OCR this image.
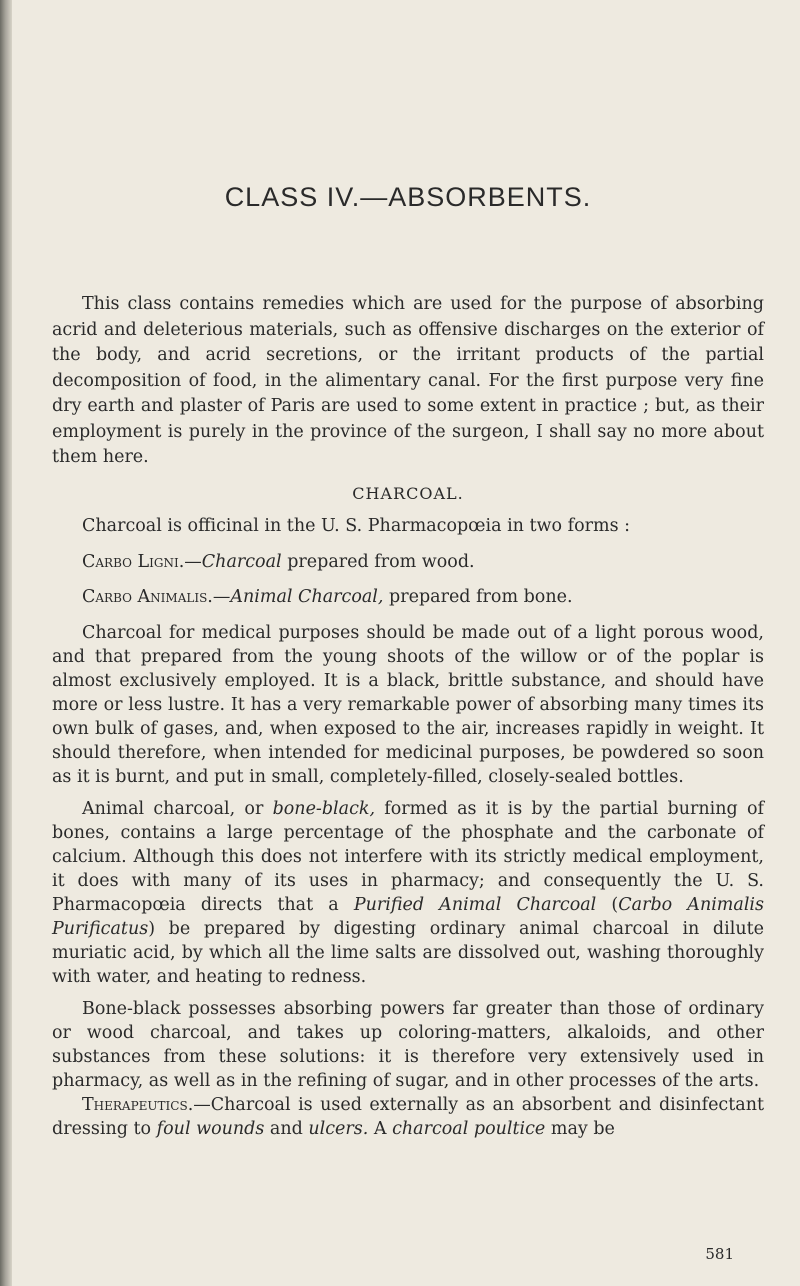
CLASS IV.—ABSORBENTS.

This class contains remedies which are used for the purpose of absorbing acrid and deleterious materials, such as offensive discharges on the exterior of the body, and acrid secretions, or the irritant products of the partial decomposition of food, in the alimentary canal. For the first purpose very fine dry earth and plaster of Paris are used to some extent in practice ; but, as their employment is purely in the province of the surgeon, I shall say no more about them here.

CHARCOAL.

Charcoal is officinal in the U. S. Pharmacopœia in two forms :

Carbo Ligni.—Charcoal prepared from wood.

Carbo Animalis.—Animal Charcoal, prepared from bone.

Charcoal for medical purposes should be made out of a light porous wood, and that prepared from the young shoots of the willow or of the poplar is almost exclusively employed. It is a black, brittle substance, and should have more or less lustre. It has a very remarkable power of absorbing many times its own bulk of gases, and, when exposed to the air, increases rapidly in weight. It should therefore, when intended for medicinal purposes, be powdered so soon as it is burnt, and put in small, completely-filled, closely-sealed bottles.

Animal charcoal, or bone-black, formed as it is by the partial burning of bones, contains a large percentage of the phosphate and the carbonate of calcium. Although this does not interfere with its strictly medical employment, it does with many of its uses in pharmacy; and consequently the U. S. Pharmacopœia directs that a Purified Animal Charcoal (Carbo Animalis Purificatus) be prepared by digesting ordinary animal charcoal in dilute muriatic acid, by which all the lime salts are dissolved out, washing thoroughly with water, and heating to redness.

Bone-black possesses absorbing powers far greater than those of ordinary or wood charcoal, and takes up coloring-matters, alkaloids, and other substances from these solutions: it is therefore very extensively used in pharmacy, as well as in the refining of sugar, and in other processes of the arts.

Therapeutics.—Charcoal is used externally as an absorbent and disinfectant dressing to foul wounds and ulcers. A charcoal poultice may be

581
